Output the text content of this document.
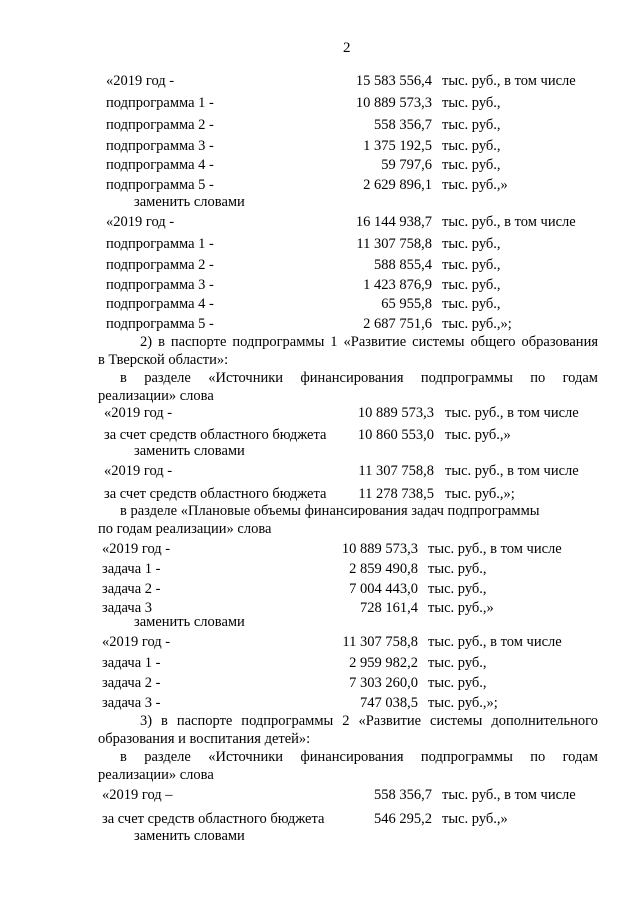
2
«2019 год -	15 583 556,4 тыс. руб., в том числе
подпрограмма 1 -	10 889 573,3 тыс. руб.,
подпрограмма 2 -	558 356,7 тыс. руб.,
подпрограмма 3 -	1 375 192,5 тыс. руб.,
подпрограмма 4 -	59 797,6 тыс. руб.,
подпрограмма 5 -	2 629 896,1 тыс. руб.,»
заменить словами
«2019 год -	16 144 938,7 тыс. руб., в том числе
подпрограмма 1 -	11 307 758,8 тыс. руб.,
подпрограмма 2 -	588 855,4 тыс. руб.,
подпрограмма 3 -	1 423 876,9 тыс. руб.,
подпрограмма 4 -	65 955,8 тыс. руб.,
подпрограмма 5 -	2 687 751,6 тыс. руб.,»;
2) в паспорте подпрограммы 1 «Развитие системы общего образования
в Тверской области»:
в разделе «Источники финансирования подпрограммы по годам
реализации» слова
«2019 год -	10 889 573,3 тыс. руб., в том числе
за счет средств областного бюджета	10 860 553,0 тыс. руб.,»
заменить словами
«2019 год -	11 307 758,8 тыс. руб., в том числе
за счет средств областного бюджета	11 278 738,5 тыс. руб.,»;
в разделе «Плановые объемы финансирования задач подпрограммы
по годам реализации» слова
«2019 год -	10 889 573,3 тыс. руб., в том числе
задача 1 -	2 859 490,8 тыс. руб.,
задача 2 -	7 004 443,0 тыс. руб.,
задача 3	728 161,4 тыс. руб.,»
заменить словами
«2019 год -	11 307 758,8 тыс. руб., в том числе
задача 1 -	2 959 982,2 тыс. руб.,
задача 2 -	7 303 260,0 тыс. руб.,
задача 3 -	747 038,5 тыс. руб.,»;
3) в паспорте подпрограммы 2 «Развитие системы дополнительного
образования и воспитания детей»:
в разделе «Источники финансирования подпрограммы по годам
реализации» слова
«2019 год –	558 356,7 тыс. руб., в том числе
за счет средств областного бюджета	546 295,2 тыс. руб.,»
заменить словами
